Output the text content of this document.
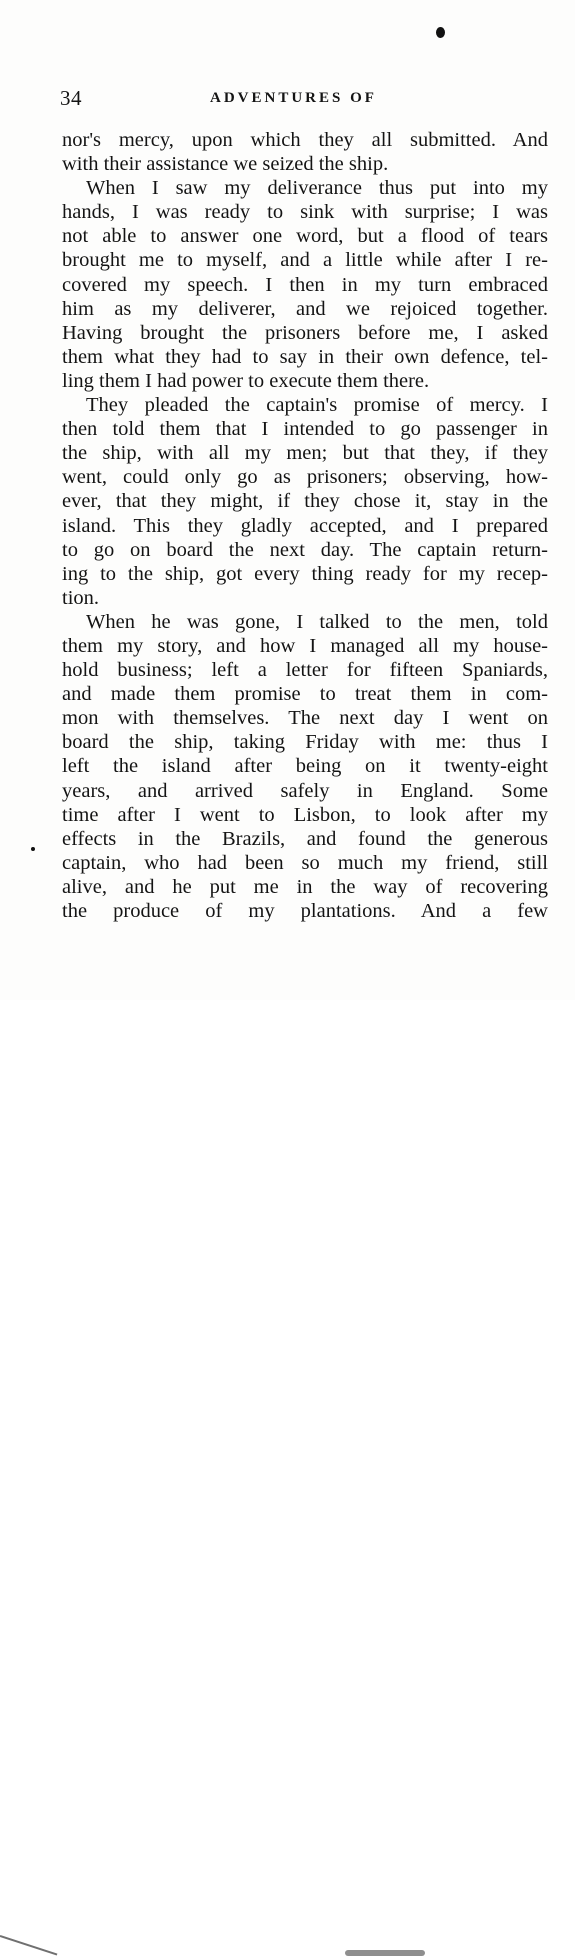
34	ADVENTURES OF
nor's mercy, upon which they all submitted. And
with their assistance we seized the ship.
When I saw my deliverance thus put into my
hands, I was ready to sink with surprise; I was
not able to answer one word, but a flood of tears
brought me to myself, and a little while after I re-
covered my speech. I then in my turn embraced
him as my deliverer, and we rejoiced together.
Having brought the prisoners before me, I asked
them what they had to say in their own defence, tel-
ling them I had power to execute them there.
They pleaded the captain's promise of mercy. I
then told them that I intended to go passenger in
the ship, with all my men; but that they, if they
went, could only go as prisoners; observing, how-
ever, that they might, if they chose it, stay in the
island. This they gladly accepted, and I prepared
to go on board the next day. The captain return-
ing to the ship, got every thing ready for my recep-
tion.
When he was gone, I talked to the men, told
them my story, and how I managed all my house-
hold business; left a letter for fifteen Spaniards,
and made them promise to treat them in com-
mon with themselves. The next day I went on
board the ship, taking Friday with me: thus I
left the island after being on it twenty-eight
years, and arrived safely in England. Some
time after I went to Lisbon, to look after my
effects in the Brazils, and found the generous
captain, who had been so much my friend, still
alive, and he put me in the way of recovering
the produce of my plantations. And a few
